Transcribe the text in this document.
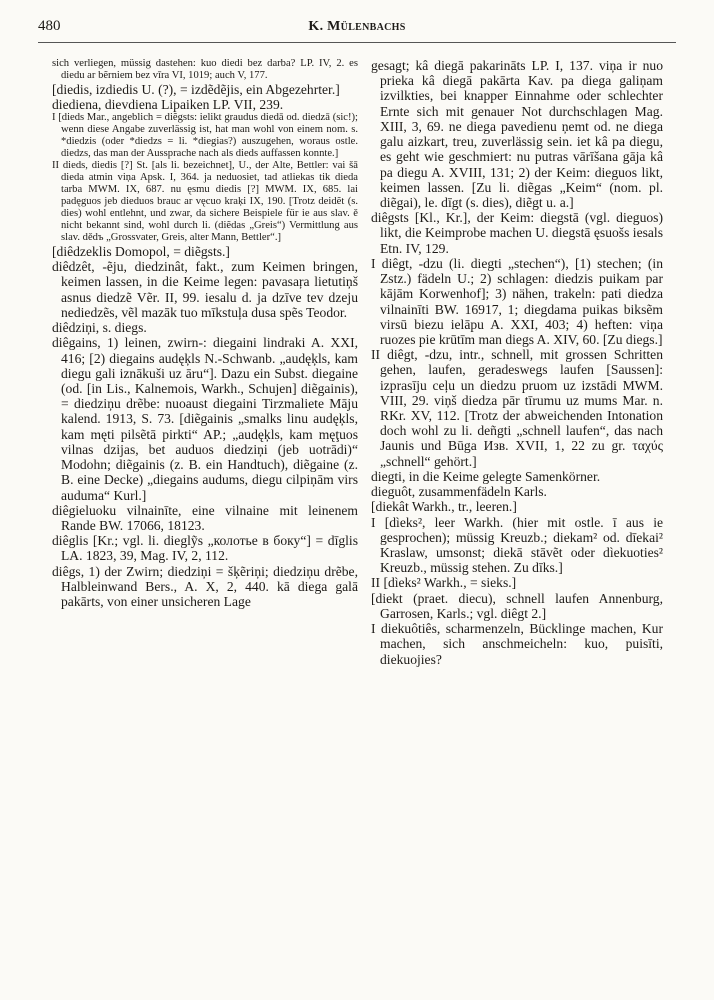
480	K. Mülenbachs

sich verliegen, müssig dastehen: kuo diedi bez darba? LP. IV, 2. es diedu ar bẽrniem bez vīra VI, 1019; auch V, 177.

[diedis, izdiedis U. (?), = izdẽdẽjis, ein Abgezehrter.]

diediena, dievdiena Lipaiken LP. VII, 239.

I [dieds Mar., angeblich = diẽgsts: ielikt graudus diedā od. diedzā (sic!); wenn diese Angabe zuverlässig ist, hat man wohl von einem nom. s. *diedzis (oder *diedzs = li. *diegias?) auszugehen, woraus ostle. diedzs, das man der Aussprache nach als dieds auffassen konnte.]

II dieds, diedis [?] St. [als li. bezeichnet], U., der Alte, Bettler: vai šā dieda atmin viņa Apsk. I, 364. ja neduosiet, tad atliekas tik dieda tarba MWM. IX, 687. nu ęsmu diedis [?] MWM. IX, 685. lai padęguos jeb dieduos brauc ar vęcuo kraķi IX, 190. [Trotz deidẽt (s. dies) wohl entlehnt, und zwar, da sichere Beispiele für ie aus slav. ě nicht bekannt sind, wohl durch li. (diẽdas „Greis“) Vermittlung aus slav. dědъ „Grossvater, Greis, alter Mann, Bettler“.]

[diêdzeklis Domopol, = diẽgsts.]

diêdzêt, -ẽju, diedzinât, fakt., zum Keimen bringen, keimen lassen, in die Keime legen: pavasaŗa lietutiņš asnus diedzẽ Vẽr. II, 99. iesalu d. ja dzīve tev dzeju nediedzẽs, vẽl mazāk tuo mīkstuļa dusa spẽs Teodor.

diêdziņi, s. diegs.

diêgains, 1) leinen, zwirn-: diegaini lindraki A. XXI, 416; [2) diegains audęķls N.-Schwanb. „audęķls, kam diegu gali iznākuši uz āru“]. Dazu ein Subst. diegaine (od. [in Lis., Kalnemois, Warkh., Schujen] diẽgainis), = diedziņu drẽbe: nuoaust diegaini Tirzmaliete Māju kalend. 1913, S. 73. [diẽgainis „smalks linu audęķls, kam męti pilsẽtā pirkti“ AP.; „audęķls, kam męţuos vilnas dzijas, bet auduos diedziņi (jeb uotrādi)“ Modohn; diẽgainis (z. B. ein Handtuch), diẽgaine (z. B. eine Decke) „diegains audums, diegu cilpiņām virs auduma“ Kurl.]

diêgieluoku vilnainīte, eine vilnaine mit leinenem Rande BW. 17066, 18123.

diêglis [Kr.; vgl. li. dieglỹs „колотье в боку“] = dīglis LA. 1823, 39, Mag. IV, 2, 112.

diêgs, 1) der Zwirn; diedziņi = šķẽriņi; diedziņu drẽbe, Halbleinwand Bers., A. X, 2, 440. kā diega galā pakārts, von einer unsicheren Lage

gesagt; kâ diegā pakarināts LP. I, 137. viņa ir nuo prieka kâ diegā pakārta Kav. pa diega galiņam izvilkties, bei knapper Einnahme oder schlechter Ernte sich mit genauer Not durchschlagen Mag. XIII, 3, 69. ne diega pavedienu ņemt od. ne diega galu aizkart, treu, zuverlässig sein. iet kâ pa diegu, es geht wie geschmiert: nu putras vārīšana gāja kâ pa diegu A. XVIII, 131; 2) der Keim: dieguos likt, keimen lassen. [Zu li. diẽgas „Keim“ (nom. pl. diẽgai), le. dīgt (s. dies), diẽgt u. a.]

diêgsts [Kl., Kr.], der Keim: diegstā (vgl. dieguos) likt, die Keimprobe machen U. diegstā ęsuošs iesals Etn. IV, 129.

I diêgt, -dzu (li. diegti „stechen“), [1) stechen; (in Zstz.) fädeln U.; 2) schlagen: diedzis puikam par kājām Korwenhof]; 3) nähen, trakeln: pati diedza vilnainīti BW. 16917, 1; diegdama puikas biksẽm virsū biezu ielāpu A. XXI, 403; 4) heften: viņa ruozes pie krūtīm man diegs A. XIV, 60. [Zu diegs.]

II diêgt, -dzu, intr., schnell, mit grossen Schritten gehen, laufen, geradeswegs laufen [Saussen]: izprasīju ceļu un diedzu pruom uz izstādi MWM. VIII, 29. viņš diedza pār tīrumu uz mums Mar. n. RKr. XV, 112. [Trotz der abweichenden Intonation doch wohl zu li. deñgti „schnell laufen“, das nach Jaunis und Būga Изв. XVII, 1, 22 zu gr. ταχύς „schnell“ gehört.]

diegti, in die Keime gelegte Samenkörner.

dieguôt, zusammenfädeln Karls.

[diekât Warkh., tr., leeren.]

I [dìeks², leer Warkh. (hier mit ostle. ī aus ie gesprochen); müssig Kreuzb.; diekam² od. dīekai² Kraslaw, umsonst; diekā stāvẽt oder dìekuoties² Kreuzb., müssig stehen. Zu dīks.]

II [dìeks² Warkh., = sieks.]

[diekt (praet. diecu), schnell laufen Annenburg, Garrosen, Karls.; vgl. diêgt 2.]

I diekuôtiês, scharmenzeln, Bücklinge machen, Kur machen, sich anschmeicheln: kuo, puisīti, diekuojies?
